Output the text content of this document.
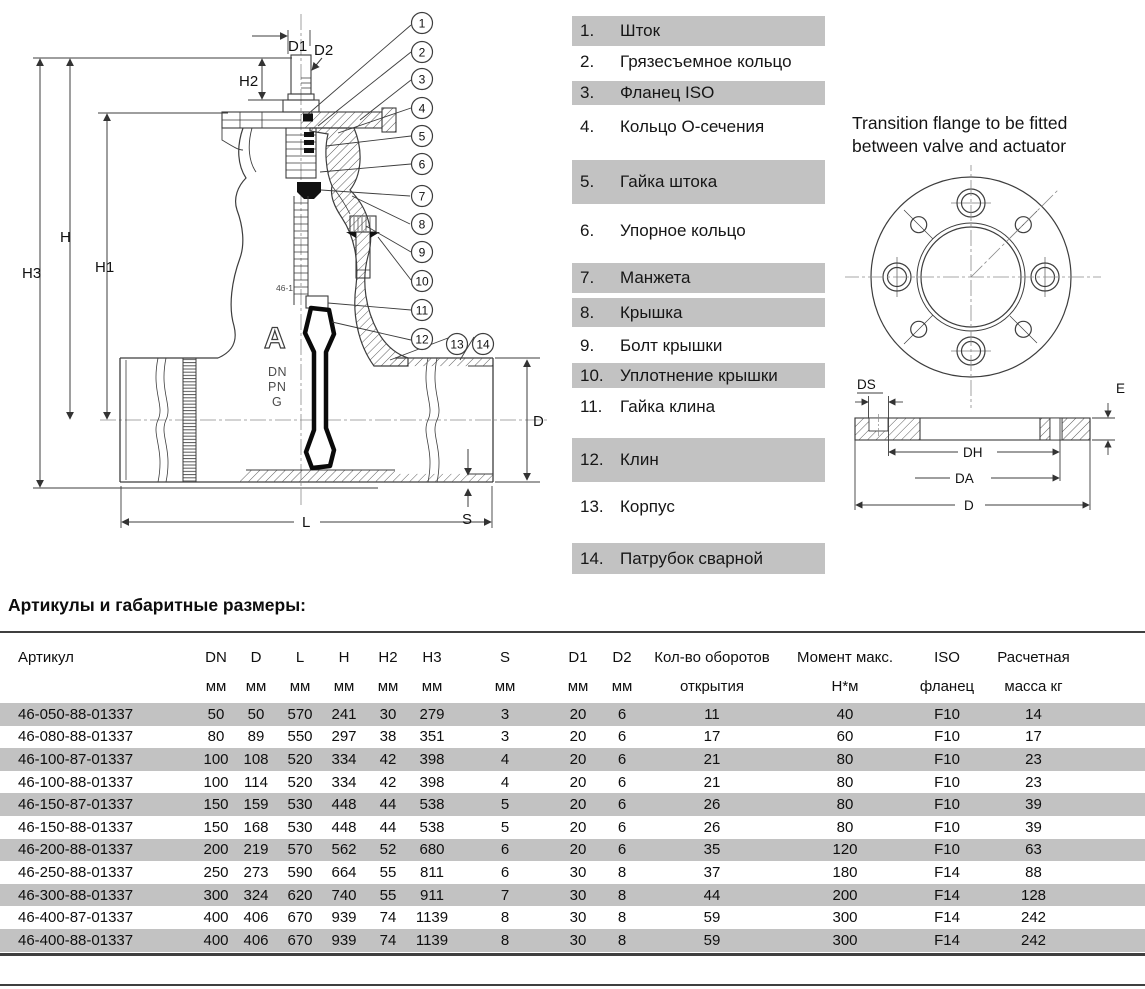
46-1
А
DN
PN
G
H3
H
H1
H2
D1 D2
D
S
L
1
2
3
4
5
6
7
8
9
10
11
12 13 14
1.	Шток
2.	Грязесъемное кольцо
3.	Фланец ISO
4.	Кольцо О-сечения
5.	Гайка штока
6.	Упорное кольцо
7.	Манжета
8.	Крышка
9.	Болт крышки
10. Уплотнение крышки
11.	Гайка клина
12. Клин
13. Корпус
14. Патрубок сварной
Transition flange to be fitted
between valve and actuator
DS	E
DH
DA
D
Артикулы и габаритные размеры:
Артикул	DN	D	L	H	H2	H3	S	D1	D2	Кол-во оборотов	Момент макс.	ISO	Расчетная
	мм	мм	мм	мм	мм	мм	мм	мм	мм	открытия	Н*м	фланец	масса кг
46-050-88-01337	50	50	570	241	30	279	3	20	6	11	40	F10	14
46-080-88-01337	80	89	550	297	38	351	3	20	6	17	60	F10	17
46-100-87-01337	100	108	520	334	42	398	4	20	6	21	80	F10	23
46-100-88-01337	100	114	520	334	42	398	4	20	6	21	80	F10	23
46-150-87-01337	150	159	530	448	44	538	5	20	6	26	80	F10	39
46-150-88-01337	150	168	530	448	44	538	5	20	6	26	80	F10	39
46-200-88-01337	200	219	570	562	52	680	6	20	6	35	120	F10	63
46-250-88-01337	250	273	590	664	55	811	6	30	8	37	180	F14	88
46-300-88-01337	300	324	620	740	55	911	7	30	8	44	200	F14	128
46-400-87-01337	400	406	670	939	74	1139	8	30	8	59	300	F14	242
46-400-88-01337	400	406	670	939	74	1139	8	30	8	59	300	F14	242
